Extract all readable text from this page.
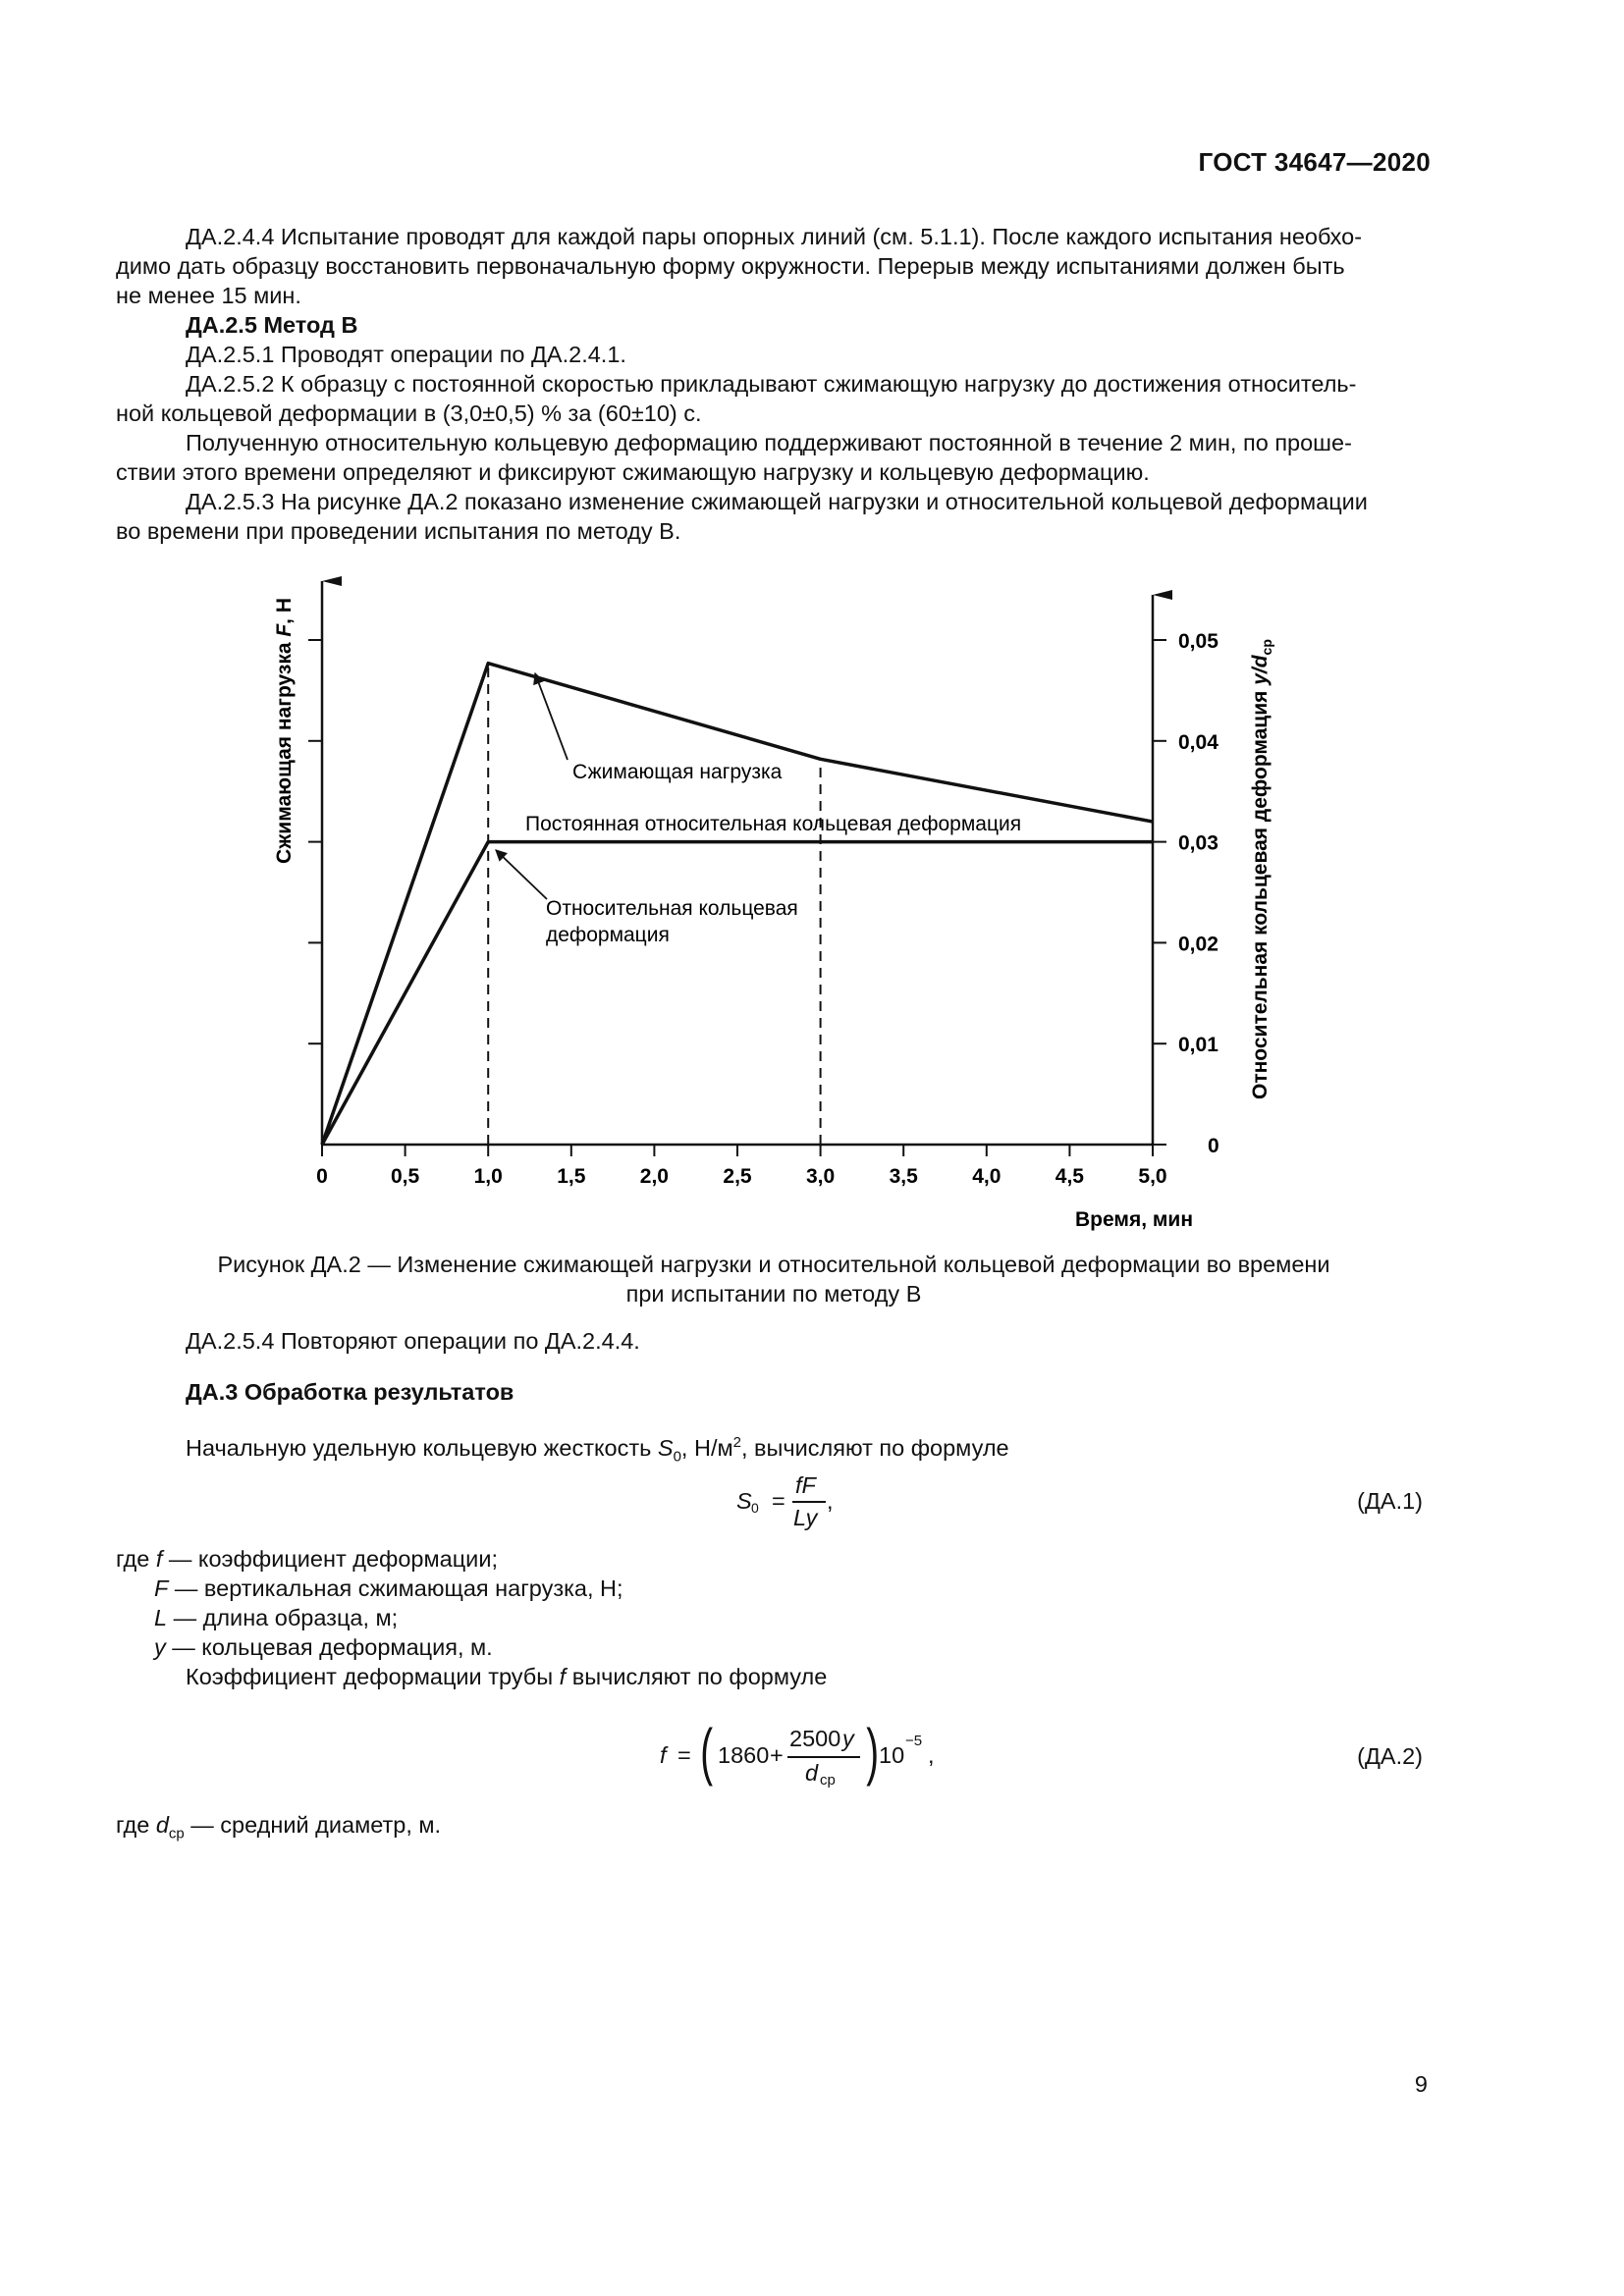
ГОСТ 34647—2020

ДА.2.4.4 Испытание проводят для каждой пары опорных линий (см. 5.1.1). После каждого испытания необхо-

димо дать образцу восстановить первоначальную форму окружности. Перерыв между испытаниями должен быть

не менее 15 мин.

ДА.2.5 Метод В

ДА.2.5.1 Проводят операции по ДА.2.4.1.

ДА.2.5.2 К образцу с постоянной скоростью прикладывают сжимающую нагрузку до достижения относитель-

ной кольцевой деформации в (3,0±0,5) % за (60±10) с.

Полученную относительную кольцевую деформацию поддерживают постоянной в течение 2 мин, по проше-

ствии этого времени определяют и фиксируют сжимающую нагрузку и кольцевую деформацию.

ДА.2.5.3 На рисунке ДА.2 показано изменение сжимающей нагрузки и относительной кольцевой деформации

во времени при проведении испытания по методу В.

0
0,01
0,02
0,03
0,04
0,05
0	0,5	1,0	1,5	2,0	2,5	3,0	3,5	4,0	4,5	5,0
Сжимающая нагрузка
Постоянная относительная кольцевая деформация
Относительная кольцевая
деформация
Время, мин
Сжимающая нагрузка F, Н
Относительная кольцевая деформация $y/d_{ср}$
Рисунок ДА.2 — Изменение сжимающей нагрузки и относительной кольцевой деформации во времени
при испытании по методу В

ДА.2.5.4 Повторяют операции по ДА.2.4.4.

ДА.3 Обработка результатов

Начальную удельную кольцевую жесткость $S_0$, $Н/м^2$, вычисляют по формуле

S 0 =
fF
Ly
,	(ДА.1)
где f — коэффициент деформации;
F — вертикальная сжимающая нагрузка, Н;
L — длина образца, м;
y — кольцевая деформация, м.
Коэффициент деформации трубы f вычисляют по формуле
f = ( 1860 +
2500 y
d ср ) 10
−5
,	(ДА.2)

где $d_{ср}$ — средний диаметр, м.

9
